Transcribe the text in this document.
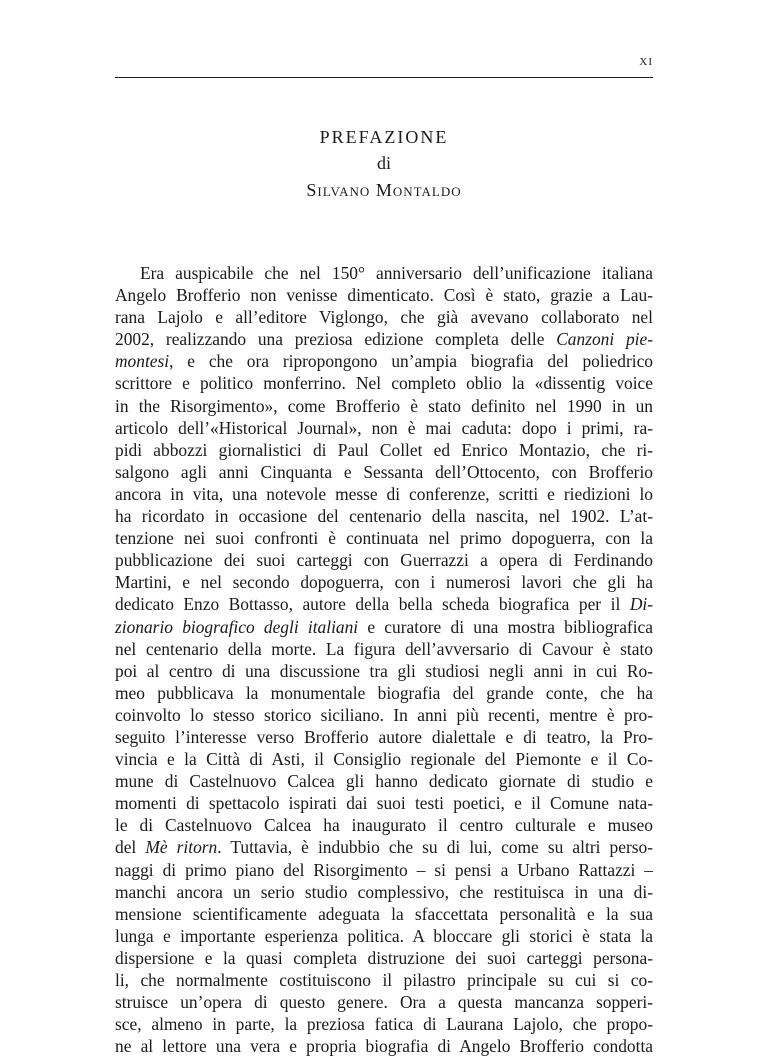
XI
PREFAZIONE
di
Silvano Montaldo
Era auspicabile che nel 150° anniversario dell’unificazione italiana
Angelo Brofferio non venisse dimenticato. Così è stato, grazie a Lau-
rana Lajolo e all’editore Viglongo, che già avevano collaborato nel
2002, realizzando una preziosa edizione completa delle Canzoni pie-
montesi, e che ora ripropongono un’ampia biografia del poliedrico
scrittore e politico monferrino. Nel completo oblio la «dissentig voice
in the Risorgimento», come Brofferio è stato definito nel 1990 in un
articolo dell’«Historical Journal», non è mai caduta: dopo i primi, ra-
pidi abbozzi giornalistici di Paul Collet ed Enrico Montazio, che ri-
salgono agli anni Cinquanta e Sessanta dell’Ottocento, con Brofferio
ancora in vita, una notevole messe di conferenze, scritti e riedizioni lo
ha ricordato in occasione del centenario della nascita, nel 1902. L’at-
tenzione nei suoi confronti è continuata nel primo dopoguerra, con la
pubblicazione dei suoi carteggi con Guerrazzi a opera di Ferdinando
Martini, e nel secondo dopoguerra, con i numerosi lavori che gli ha
dedicato Enzo Bottasso, autore della bella scheda biografica per il Di-
zionario biografico degli italiani e curatore di una mostra bibliografica
nel centenario della morte. La figura dell’avversario di Cavour è stato
poi al centro di una discussione tra gli studiosi negli anni in cui Ro-
meo pubblicava la monumentale biografia del grande conte, che ha
coinvolto lo stesso storico siciliano. In anni più recenti, mentre è pro-
seguito l’interesse verso Brofferio autore dialettale e di teatro, la Pro-
vincia e la Città di Asti, il Consiglio regionale del Piemonte e il Co-
mune di Castelnuovo Calcea gli hanno dedicato giornate di studio e
momenti di spettacolo ispirati dai suoi testi poetici, e il Comune nata-
le di Castelnuovo Calcea ha inaugurato il centro culturale e museo
del Mè ritorn. Tuttavia, è indubbio che su di lui, come su altri perso-
naggi di primo piano del Risorgimento – si pensi a Urbano Rattazzi –
manchi ancora un serio studio complessivo, che restituisca in una di-
mensione scientificamente adeguata la sfaccettata personalità e la sua
lunga e importante esperienza politica. A bloccare gli storici è stata la
dispersione e la quasi completa distruzione dei suoi carteggi persona-
li, che normalmente costituiscono il pilastro principale su cui si co-
struisce un’opera di questo genere. Ora a questa mancanza sopperi-
sce, almeno in parte, la preziosa fatica di Laurana Lajolo, che propo-
ne al lettore una vera e propria biografia di Angelo Brofferio condotta
